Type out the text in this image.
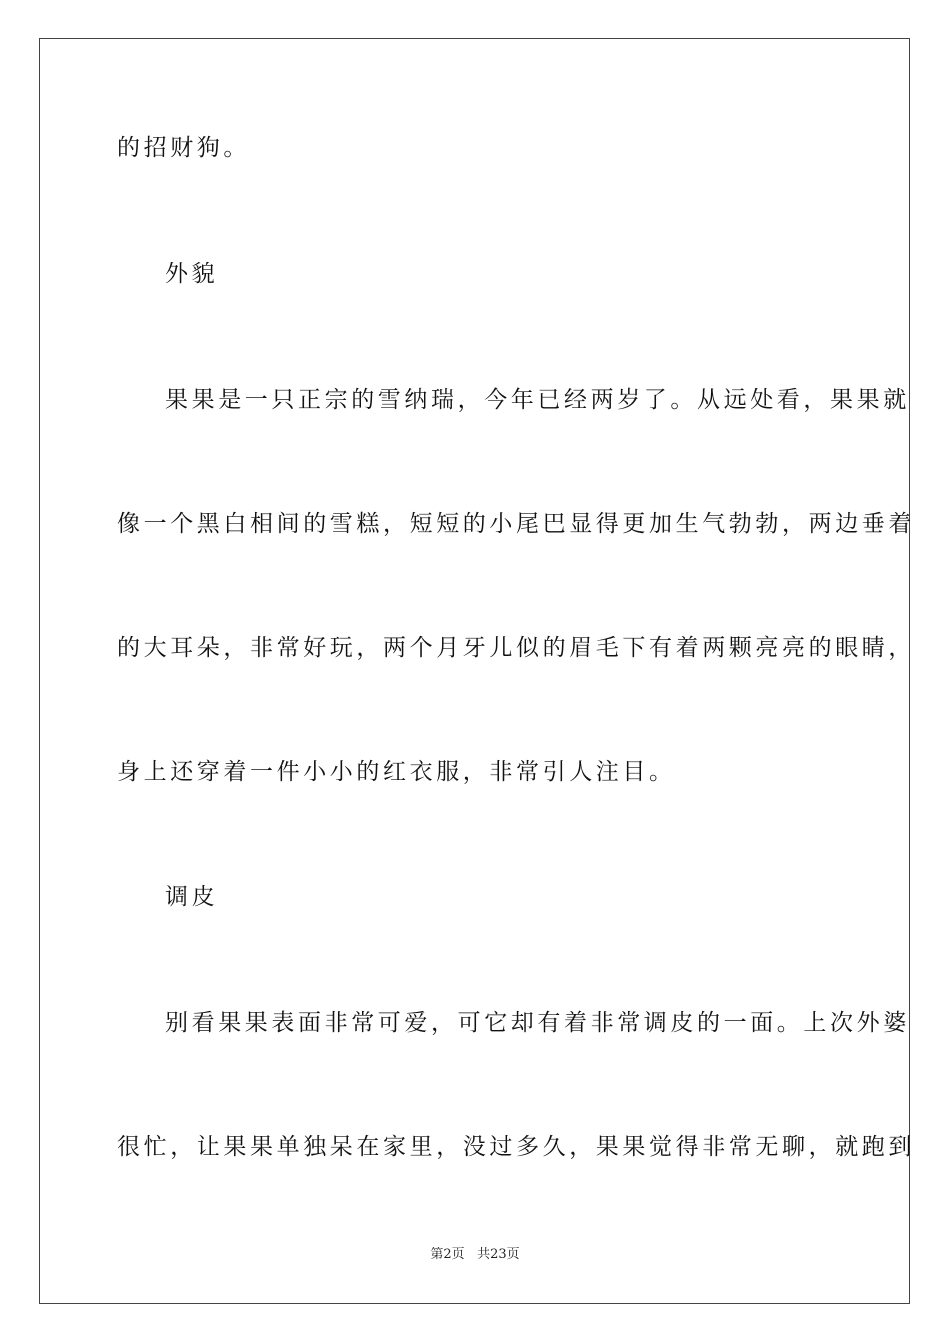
的招财狗。
外貌
果果是一只正宗的雪纳瑞，今年已经两岁了。从远处看，果果就
像一个黑白相间的雪糕，短短的小尾巴显得更加生气勃勃，两边垂着
的大耳朵，非常好玩，两个月牙儿似的眉毛下有着两颗亮亮的眼睛，
身上还穿着一件小小的红衣服，非常引人注目。
调皮
别看果果表面非常可爱，可它却有着非常调皮的一面。上次外婆
很忙，让果果单独呆在家里，没过多久，果果觉得非常无聊，就跑到
第2页 共23页
